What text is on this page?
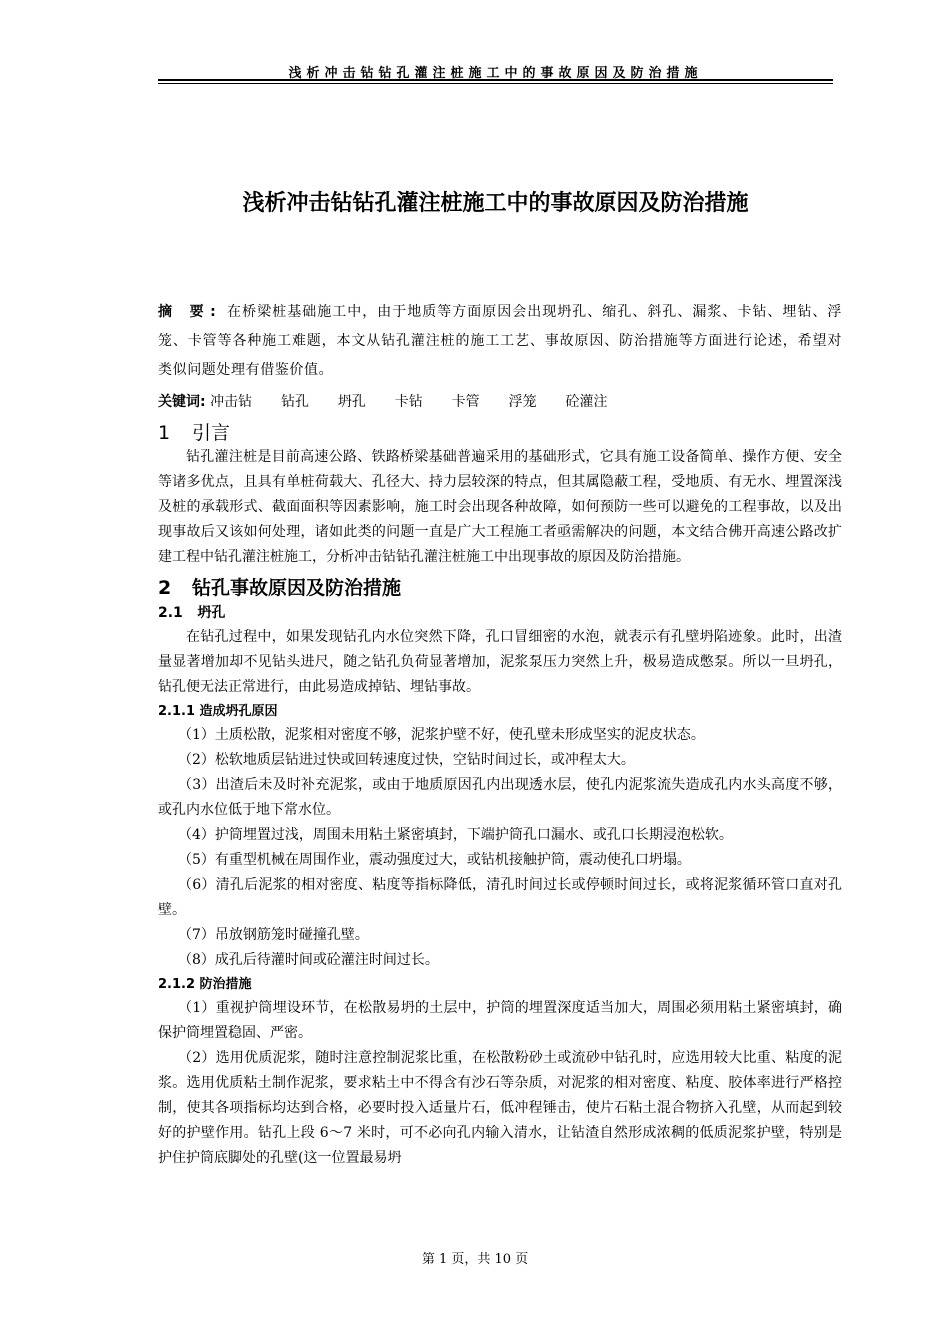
浅析冲击钻钻孔灌注桩施工中的事故原因及防治措施
浅析冲击钻钻孔灌注桩施工中的事故原因及防治措施

摘 要: 在桥梁桩基础施工中，由于地质等方面原因会出现坍孔、缩孔、斜孔、漏浆、卡钻、埋钻、浮笼、卡管等各种施工难题，本文从钻孔灌注桩的施工工艺、事故原因、防治措施等方面进行论述，希望对类似问题处理有借鉴价值。

关键词: 冲击钻  钻孔  坍孔  卡钻  卡管  浮笼  砼灌注

1 引言

钻孔灌注桩是目前高速公路、铁路桥梁基础普遍采用的基础形式，它具有施工设备简单、操作方便、安全等诸多优点，且具有单桩荷载大、孔径大、持力层较深的特点，但其属隐蔽工程，受地质、有无水、埋置深浅及桩的承载形式、截面面积等因素影响，施工时会出现各种故障，如何预防一些可以避免的工程事故，以及出现事故后又该如何处理，诸如此类的问题一直是广大工程施工者亟需解决的问题，本文结合佛开高速公路改扩建工程中钻孔灌注桩施工，分析冲击钻钻孔灌注桩施工中出现事故的原因及防治措施。

2 钻孔事故原因及防治措施
2.1   坍孔

在钻孔过程中，如果发现钻孔内水位突然下降，孔口冒细密的水泡，就表示有孔壁坍陷迹象。此时，出渣量显著增加却不见钻头进尺，随之钻孔负荷显著增加，泥浆泵压力突然上升，极易造成憋泵。所以一旦坍孔，钻孔便无法正常进行，由此易造成掉钻、埋钻事故。

2.1.1 造成坍孔原因

（1）土质松散，泥浆相对密度不够，泥浆护壁不好，使孔壁未形成坚实的泥皮状态。

（2）松软地质层钻进过快或回转速度过快，空钻时间过长，或冲程太大。

（3）出渣后未及时补充泥浆，或由于地质原因孔内出现透水层，使孔内泥浆流失造成孔内水头高度不够，或孔内水位低于地下常水位。

（4）护筒埋置过浅，周围未用粘土紧密填封，下端护筒孔口漏水、或孔口长期浸泡松软。

（5）有重型机械在周围作业，震动强度过大，或钻机接触护筒，震动使孔口坍塌。

（6）清孔后泥浆的相对密度、粘度等指标降低，清孔时间过长或停顿时间过长，或将泥浆循环管口直对孔壁。

（7）吊放钢筋笼时碰撞孔壁。

（8）成孔后待灌时间或砼灌注时间过长。

2.1.2 防治措施

（1）重视护筒埋设环节，在松散易坍的土层中，护筒的埋置深度适当加大，周围必须用粘土紧密填封，确保护筒埋置稳固、严密。

（2）选用优质泥浆，随时注意控制泥浆比重，在松散粉砂土或流砂中钻孔时，应选用较大比重、粘度的泥浆。选用优质粘土制作泥浆，要求粘土中不得含有沙石等杂质，对泥浆的相对密度、粘度、胶体率进行严格控制，使其各项指标均达到合格，必要时投入适量片石，低冲程锤击，使片石粘土混合物挤入孔壁，从而起到较好的护壁作用。钻孔上段 6～7 米时，可不必向孔内输入清水，让钻渣自然形成浓稠的低质泥浆护壁，特别是护住护筒底脚处的孔壁(这一位置最易坍

第 1 页，共 10 页
